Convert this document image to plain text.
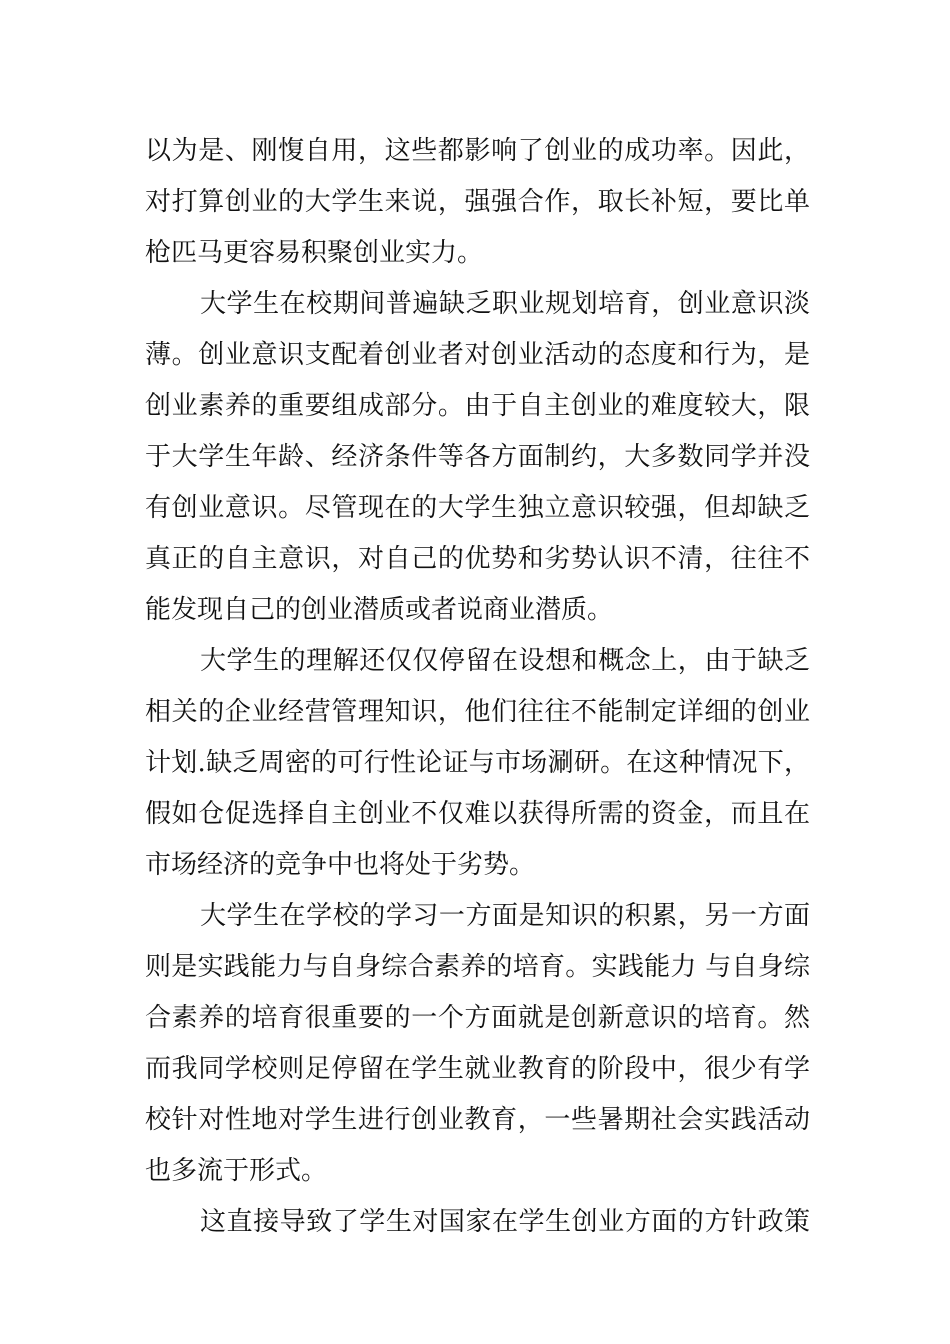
以为是、刚愎自用，这些都影响了创业的成功率。因此，
对打算创业的大学生来说，强强合作，取长补短，要比单
枪匹马更容易积聚创业实力。

大学生在校期间普遍缺乏职业规划培育，创业意识淡
薄。创业意识支配着创业者对创业活动的态度和行为，是
创业素养的重要组成部分。由于自主创业的难度较大，限
于大学生年龄、经济条件等各方面制约，大多数同学并没
有创业意识。尽管现在的大学生独立意识较强，但却缺乏
真正的自主意识，对自己的优势和劣势认识不清，往往不
能发现自己的创业潜质或者说商业潜质。

大学生的理解还仅仅停留在设想和概念上，由于缺乏
相关的企业经营管理知识，他们往往不能制定详细的创业
计划.缺乏周密的可行性论证与市场涮研。在这种情况下，
假如仓促选择自主创业不仅难以获得所需的资金，而且在
市场经济的竞争中也将处于劣势。

大学生在学校的学习一方面是知识的积累，另一方面
则是实践能力与自身综合素养的培育。实践能力 与自身综
合素养的培育很重要的一个方面就是创新意识的培育。然
而我同学校则足停留在学生就业教育的阶段中，很少有学
校针对性地对学生进行创业教育，一些暑期社会实践活动
也多流于形式。

这直接导致了学生对国家在学生创业方面的方针政策
